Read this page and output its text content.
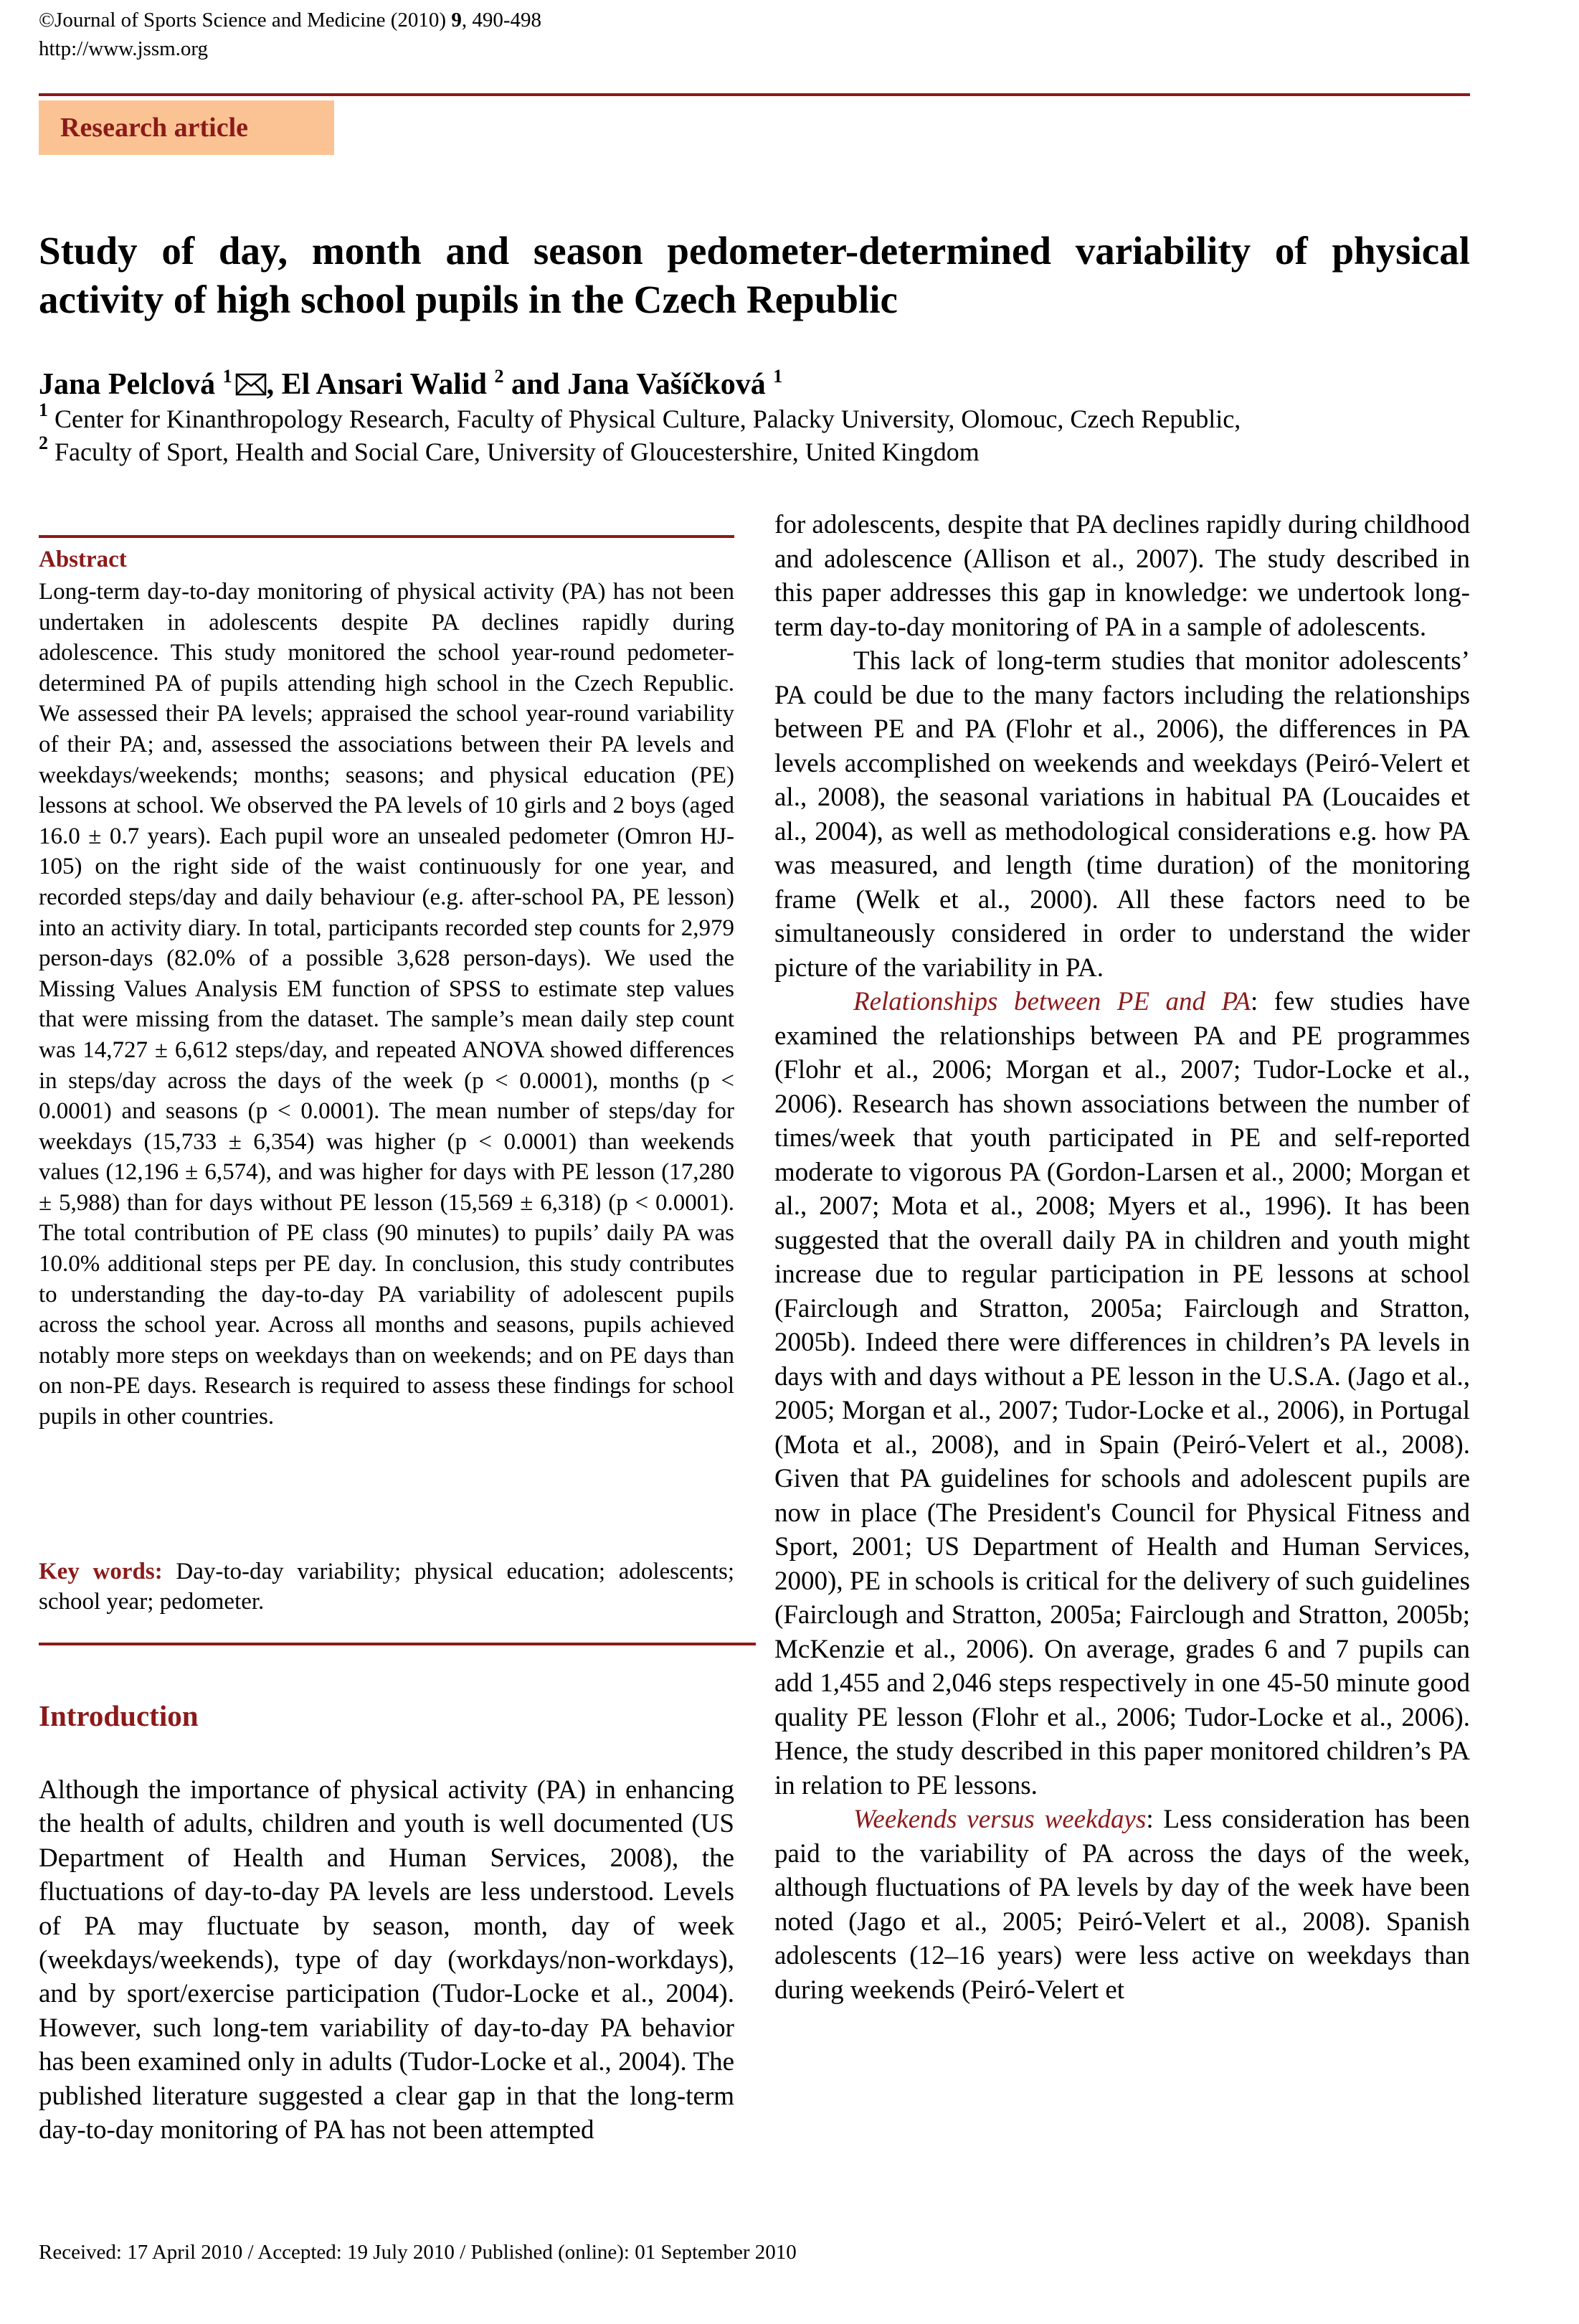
©Journal of Sports Science and Medicine (2010) 9, 490-498
http://www.jssm.org
Research article
Study of day, month and season pedometer-determined variability of physical activity of high school pupils in the Czech Republic
Jana Pelclová $^1$ , El Ansari Walid $^2$ and Jana Vašíčková $^1$
$^1$ Center for Kinanthropology Research, Faculty of Physical Culture, Palacky University, Olomouc, Czech Republic,
$^2$ Faculty of Sport, Health and Social Care, University of Gloucestershire, United Kingdom
Abstract
Long-term day-to-day monitoring of physical activity (PA) has not been undertaken in adolescents despite PA declines rapidly during adolescence. This study monitored the school year-round pedometer-determined PA of pupils attending high school in the Czech Republic. We assessed their PA levels; appraised the school year-round variability of their PA; and, assessed the associations between their PA levels and weekdays/weekends; months; seasons; and physical education (PE) lessons at school. We observed the PA levels of 10 girls and 2 boys (aged 16.0 ± 0.7 years). Each pupil wore an unsealed pedometer (Omron HJ-105) on the right side of the waist continuously for one year, and recorded steps/day and daily behaviour (e.g. after-school PA, PE lesson) into an activity diary. In total, participants recorded step counts for 2,979 person-days (82.0% of a possible 3,628 person-days). We used the Missing Values Analysis EM function of SPSS to estimate step values that were missing from the dataset. The sample’s mean daily step count was 14,727 ± 6,612 steps/day, and repeated ANOVA showed differences in steps/day across the days of the week (p < 0.0001), months (p < 0.0001) and seasons (p < 0.0001). The mean number of steps/day for weekdays (15,733 ± 6,354) was higher (p < 0.0001) than weekends values (12,196 ± 6,574), and was higher for days with PE lesson (17,280 ± 5,988) than for days without PE lesson (15,569 ± 6,318) (p < 0.0001). The total contribution of PE class (90 minutes) to pupils’ daily PA was 10.0% additional steps per PE day. In conclusion, this study contributes to understanding the day-to-day PA variability of adolescent pupils across the school year. Across all months and seasons, pupils achieved notably more steps on weekdays than on weekends; and on PE days than on non-PE days. Research is required to assess these findings for school pupils in other countries.
Key words: Day-to-day variability; physical education; adolescents; school year; pedometer.
Introduction
Although the importance of physical activity (PA) in enhancing the health of adults, children and youth is well documented (US Department of Health and Human Services, 2008), the fluctuations of day-to-day PA levels are less understood. Levels of PA may fluctuate by season, month, day of week (weekdays/weekends), type of day (workdays/non-workdays), and by sport/exercise participation (Tudor-Locke et al., 2004). However, such long-tem variability of day-to-day PA behavior has been examined only in adults (Tudor-Locke et al., 2004). The published literature suggested a clear gap in that the long-term day-to-day monitoring of PA has not been attempted

for adolescents, despite that PA declines rapidly during childhood and adolescence (Allison et al., 2007). The study described in this paper addresses this gap in knowledge: we undertook long-term day-to-day monitoring of PA in a sample of adolescents.

This lack of long-term studies that monitor adolescents’ PA could be due to the many factors including the relationships between PE and PA (Flohr et al., 2006), the differences in PA levels accomplished on weekends and weekdays (Peiró-Velert et al., 2008), the seasonal variations in habitual PA (Loucaides et al., 2004), as well as methodological considerations e.g. how PA was measured, and length (time duration) of the monitoring frame (Welk et al., 2000). All these factors need to be simultaneously considered in order to understand the wider picture of the variability in PA.

Relationships between PE and PA: few studies have examined the relationships between PA and PE programmes (Flohr et al., 2006; Morgan et al., 2007; Tudor-Locke et al., 2006). Research has shown associations between the number of times/week that youth participated in PE and self-reported moderate to vigorous PA (Gordon-Larsen et al., 2000; Morgan et al., 2007; Mota et al., 2008; Myers et al., 1996). It has been suggested that the overall daily PA in children and youth might increase due to regular participation in PE lessons at school (Fairclough and Stratton, 2005a; Fairclough and Stratton, 2005b). Indeed there were differences in children’s PA levels in days with and days without a PE lesson in the U.S.A. (Jago et al., 2005; Morgan et al., 2007; Tudor-Locke et al., 2006), in Portugal (Mota et al., 2008), and in Spain (Peiró-Velert et al., 2008). Given that PA guidelines for schools and adolescent pupils are now in place (The President's Council for Physical Fitness and Sport, 2001; US Department of Health and Human Services, 2000), PE in schools is critical for the delivery of such guidelines (Fairclough and Stratton, 2005a; Fairclough and Stratton, 2005b; McKenzie et al., 2006). On average, grades 6 and 7 pupils can add 1,455 and 2,046 steps respectively in one 45-50 minute good quality PE lesson (Flohr et al., 2006; Tudor-Locke et al., 2006). Hence, the study described in this paper monitored children’s PA in relation to PE lessons.

Weekends versus weekdays: Less consideration has been paid to the variability of PA across the days of the week, although fluctuations of PA levels by day of the week have been noted (Jago et al., 2005; Peiró-Velert et al., 2008). Spanish adolescents (12–16 years) were less active on weekdays than during weekends (Peiró-Velert et

Received: 17 April 2010 / Accepted: 19 July 2010 / Published (online): 01 September 2010
